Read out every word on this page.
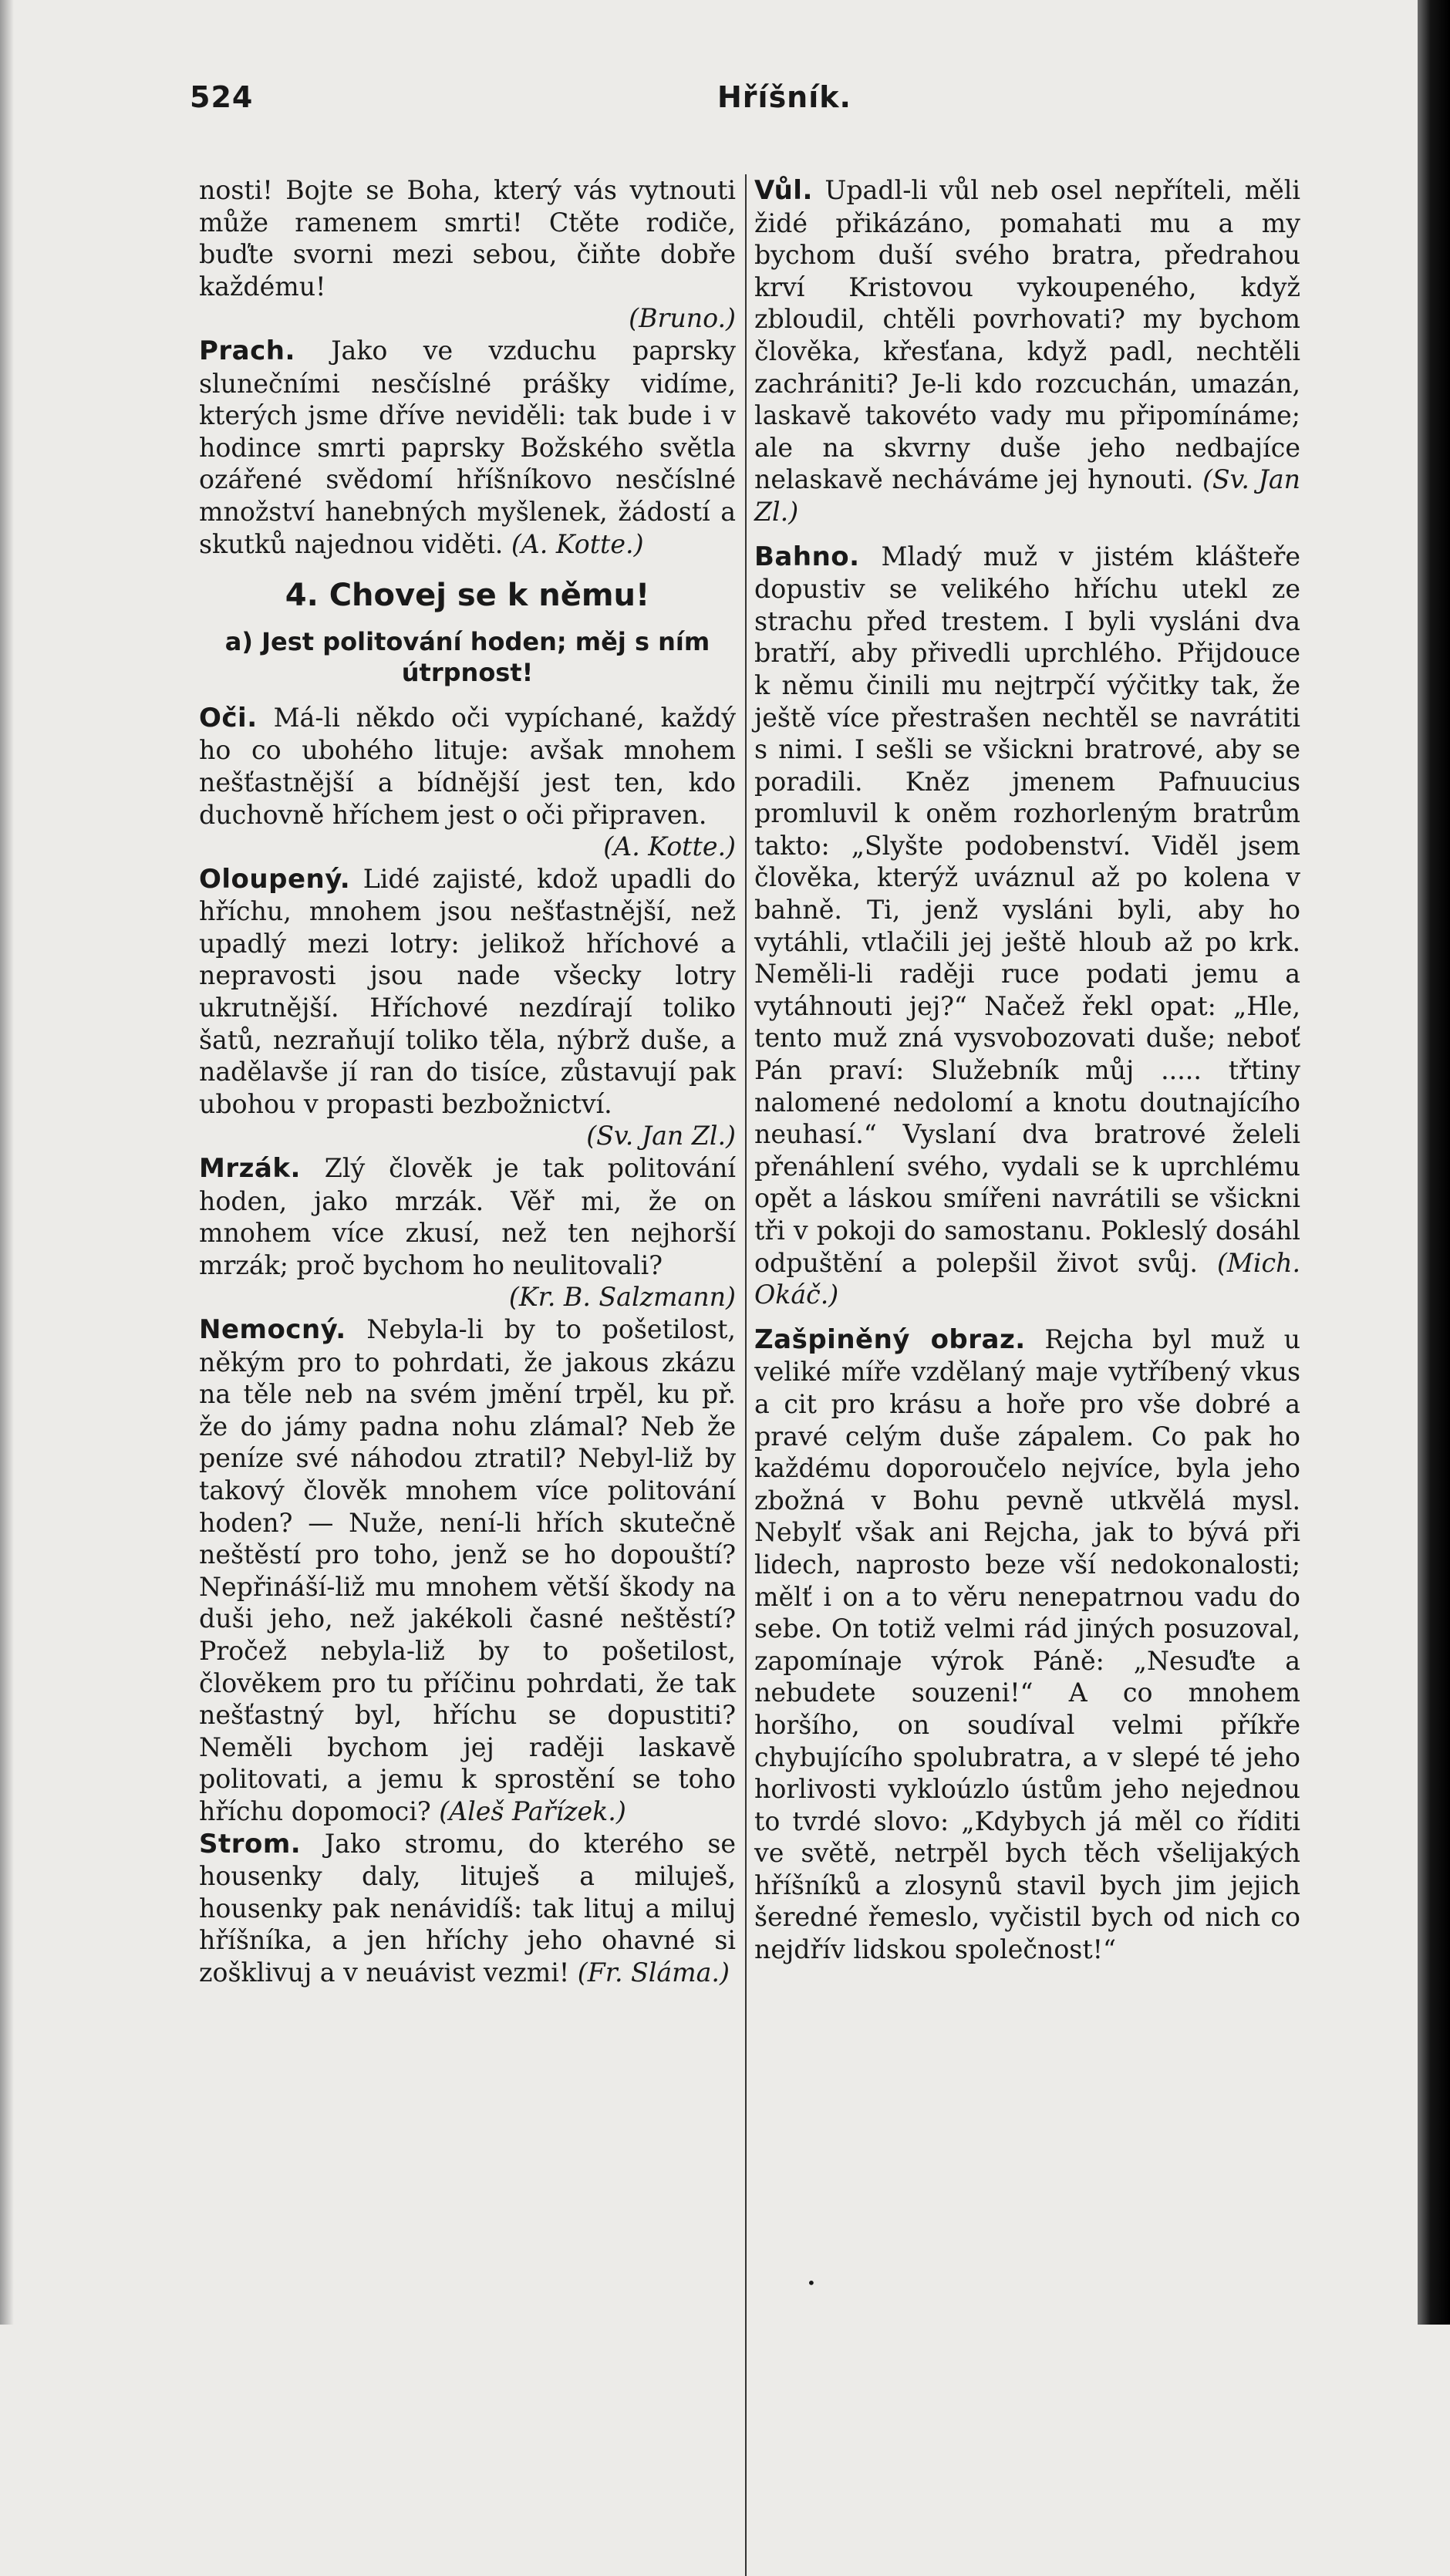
524	Hříšník.

nosti! Bojte se Boha, který vás vytnouti může ramenem smrti! Ctěte rodiče, buďte svorni mezi sebou, čiňte dobře každému!
(Bruno.)

Prach. Jako ve vzduchu paprsky slunečními nesčíslné prášky vidíme, kterých jsme dříve neviděli: tak bude i v hodince smrti paprsky Božského světla ozářené svědomí hříšníkovo nesčíslné množství hanebných myšlenek, žádostí a skutků najednou viděti. (A. Kotte.)

4. Chovej se k němu!
a) Jest politování hoden; měj s ním útrpnost!

Oči. Má-li někdo oči vypíchané, každý ho co ubohého lituje: avšak mnohem nešťastnější a bídnější jest ten, kdo duchovně hříchem jest o oči připraven.
(A. Kotte.)

Oloupený. Lidé zajisté, kdož upadli do hříchu, mnohem jsou nešťastnější, než upadlý mezi lotry: jelikož hříchové a nepravosti jsou nade všecky lotry ukrutnější. Hříchové nezdírají toliko šatů, nezraňují toliko těla, nýbrž duše, a nadělavše jí ran do tisíce, zůstavují pak ubohou v propasti bezbožnictví.
(Sv. Jan Zl.)

Mrzák. Zlý člověk je tak politování hoden, jako mrzák. Věř mi, že on mnohem více zkusí, než ten nejhorší mrzák; proč bychom ho neulitovali?
(Kr. B. Salzmann)

Nemocný. Nebyla-li by to pošetilost, někým pro to pohrdati, že jakous zkázu na těle neb na svém jmění trpěl, ku př. že do jámy padna nohu zlámal? Neb že peníze své náhodou ztratil? Nebyl-liž by takový člověk mnohem více politování hoden? — Nuže, není-li hřích skutečně neštěstí pro toho, jenž se ho dopouští? Nepřináší-liž mu mnohem větší škody na duši jeho, než jakékoli časné neštěstí? Pročež nebyla-liž by to pošetilost, člověkem pro tu příčinu pohrdati, že tak nešťastný byl, hříchu se dopustiti? Neměli bychom jej raději laskavě politovati, a jemu k sprostění se toho hříchu dopomoci? (Aleš Pařízek.)

Strom. Jako stromu, do kterého se housenky daly, lituješ a miluješ, housenky pak nenávidíš: tak lituj a miluj hříšníka, a jen hříchy jeho ohavné si zošklivuj a v neuávist vezmi! (Fr. Sláma.)

Vůl. Upadl-li vůl neb osel nepříteli, měli židé přikázáno, pomahati mu a my bychom duší svého bratra, předrahou krví Kristovou vykoupeného, když zbloudil, chtěli povrhovati? my bychom člověka, křesťana, když padl, nechtěli zachrániti? Je-li kdo rozcuchán, umazán, laskavě takovéto vady mu připomínáme; ale na skvrny duše jeho nedbajíce nelaskavě necháváme jej hynouti. (Sv. Jan Zl.)

Bahno. Mladý muž v jistém klášteře dopustiv se velikého hříchu utekl ze strachu před trestem. I byli vysláni dva bratří, aby přivedli uprchlého. Přijdouce k němu činili mu nejtrpčí výčitky tak, že ještě více přestrašen nechtěl se navrátiti s nimi. I sešli se všickni bratrové, aby se poradili. Kněz jmenem Pafnuucius promluvil k oněm rozhorleným bratrům takto: „Slyšte podobenství. Viděl jsem člověka, kterýž uváznul až po kolena v bahně. Ti, jenž vysláni byli, aby ho vytáhli, vtlačili jej ještě hloub až po krk. Neměli-li raději ruce podati jemu a vytáhnouti jej?“ Načež řekl opat: „Hle, tento muž zná vysvobozovati duše; neboť Pán praví: Služebník můj ..... třtiny nalomené nedolomí a knotu doutnajícího neuhasí.“ Vyslaní dva bratrové želeli přenáhlení svého, vydali se k uprchlému opět a láskou smířeni navrátili se všickni tři v pokoji do samostanu. Pokleslý dosáhl odpuštění a polepšil život svůj. (Mich. Okáč.)

Zašpiněný obraz. Rejcha byl muž u veliké míře vzdělaný maje vytříbený vkus a cit pro krásu a hoře pro vše dobré a pravé celým duše zápalem. Co pak ho každému doporoučelo nejvíce, byla jeho zbožná v Bohu pevně utkvělá mysl. Nebylť však ani Rejcha, jak to bývá při lidech, naprosto beze vší nedokonalosti; mělť i on a to věru nenepatrnou vadu do sebe. On totiž velmi rád jiných posuzoval, zapomínaje výrok Páně: „Nesuďte a nebudete souzeni!“ A co mnohem horšího, on soudíval velmi příkře chybujícího spolubratra, a v slepé té jeho horlivosti vykloúzlo ústům jeho nejednou to tvrdé slovo: „Kdybych já měl co říditi ve světě, netrpěl bych těch všelijakých hříšníků a zlosynů stavil bych jim jejich šeredné řemeslo, vyčistil bych od nich co nejdřív lidskou společnost!“

•
